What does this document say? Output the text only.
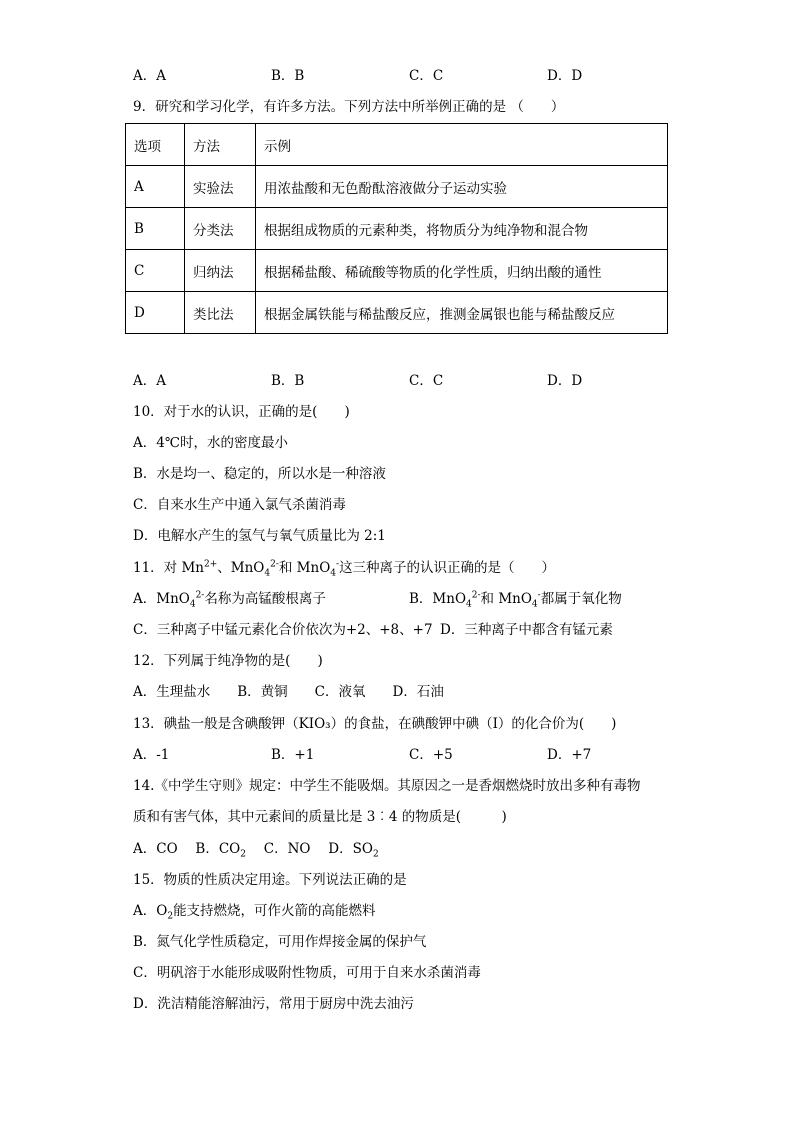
A．A	B．B	C．C	D．D
9．研究和学习化学，有许多方法。下列方法中所举例正确的是 （　　）
选项	方法	示例
A	实验法	用浓盐酸和无色酚酞溶液做分子运动实验
B	分类法	根据组成物质的元素种类，将物质分为纯净物和混合物
C	归纳法	根据稀盐酸、稀硫酸等物质的化学性质，归纳出酸的通性
D	类比法	根据金属铁能与稀盐酸反应，推测金属银也能与稀盐酸反应
A．A	B．B	C．C	D．D
10．对于水的认识，正确的是(　　)
A．4℃时，水的密度最小
B．水是均一、稳定的，所以水是一种溶液
C．自来水生产中通入氯气杀菌消毒
D．电解水产生的氢气与氧气质量比为 2:1
11．对 $Mn^{2+}$、MnO$_4^{2-}$和 MnO$_4$-这三种离子的认识正确的是（　　）
A．MnO$_4^{2-}$名称为高锰酸根离子	B．MnO$_4^{2-}$和 MnO$_4$-都属于氧化物
C．三种离子中锰元素化合价依次为+2、+8、+7 D．三种离子中都含有锰元素
12．下列属于纯净物的是(　　)
A．生理盐水　　B．黄铜　　C．液氧　　D．石油
13．碘盐一般是含碘酸钾（KIO₃）的食盐，在碘酸钾中碘（I）的化合价为(　　)
A．-1	B．+1	C．+5	D．+7
14.《中学生守则》规定：中学生不能吸烟。其原因之一是香烟燃烧时放出多种有毒物
质和有害气体，其中元素间的质量比是 3︰4 的物质是(　　　)
A．CO　 B．$CO_2$　 C．NO　 D．$SO_2$
15．物质的性质决定用途。下列说法正确的是
A．$O_2$能支持燃烧，可作火箭的高能燃料
B．氮气化学性质稳定，可用作焊接金属的保护气
C．明矾溶于水能形成吸附性物质，可用于自来水杀菌消毒
D．洗洁精能溶解油污，常用于厨房中洗去油污
